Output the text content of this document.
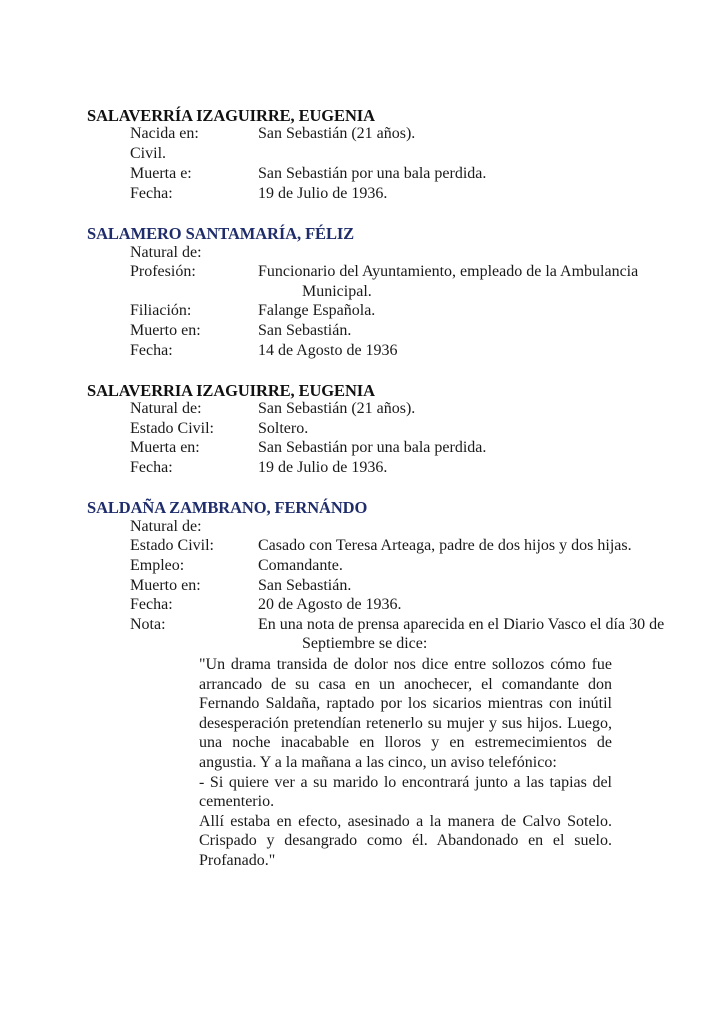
SALAVERRÍA IZAGUIRRE, EUGENIA
Nacida en:	San Sebastián (21 años).
Civil.
Muerta e:	San Sebastián por una bala perdida.
Fecha:	19 de Julio de 1936.
SALAMERO SANTAMARÍA, FÉLIZ
Natural de:
Profesión:	Funcionario del Ayuntamiento, empleado de la Ambulancia
Municipal.
Filiación:	Falange Española.
Muerto en:	San Sebastián.
Fecha:	14 de Agosto de 1936
SALAVERRIA IZAGUIRRE, EUGENIA
Natural de:	San Sebastián (21 años).
Estado Civil:	Soltero.
Muerta en:	San Sebastián por una bala perdida.
Fecha:	19 de Julio de 1936.
SALDAÑA ZAMBRANO, FERNÁNDO
Natural de:
Estado Civil:	Casado con Teresa Arteaga, padre de dos hijos y dos hijas.
Empleo:	Comandante.
Muerto en:	San Sebastián.
Fecha:	20 de Agosto de 1936.
Nota:	En una nota de prensa aparecida en el Diario Vasco el día 30 de
Septiembre se dice:

"Un drama transida de dolor nos dice entre sollozos cómo fue arrancado de su casa en un anochecer, el comandante don Fernando Saldaña, raptado por los sicarios mientras con inútil desesperación pretendían retenerlo su mujer y sus hijos. Luego, una noche inacabable en lloros y en estremecimientos de angustia. Y a la mañana a las cinco, un aviso telefónico:

- Si quiere ver a su marido lo encontrará junto a las tapias del cementerio.

Allí estaba en efecto, asesinado a la manera de Calvo Sotelo. Crispado y desangrado como él. Abandonado en el suelo. Profanado."
